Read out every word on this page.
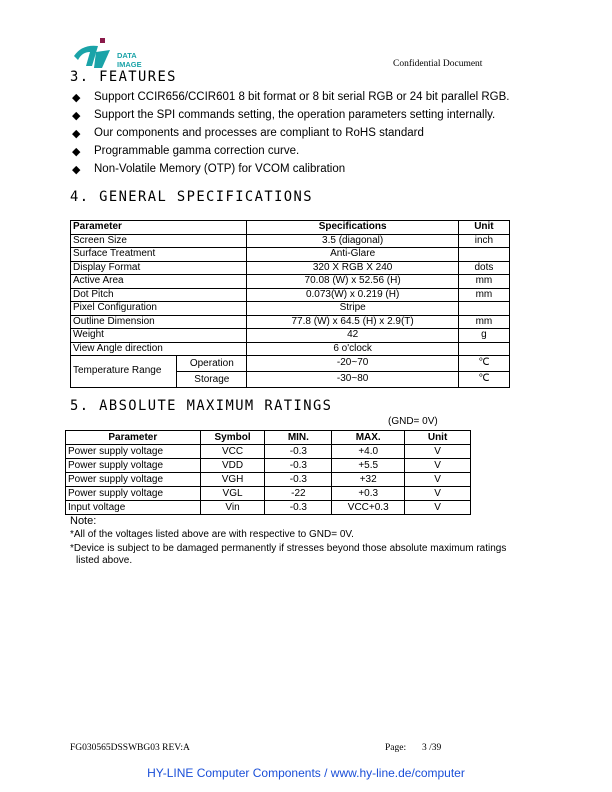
DATA
IMAGE	Confidential Document
3. FEATURES
◆ Support CCIR656/CCIR601 8 bit format or 8 bit serial RGB or 24 bit parallel RGB.
◆ Support the SPI commands setting, the operation parameters setting internally.
◆ Our components and processes are compliant to RoHS standard
◆ Programmable gamma correction curve.
◆ Non-Volatile Memory (OTP) for VCOM calibration
4. GENERAL SPECIFICATIONS
Parameter		Specifications	Unit
Screen Size		3.5 (diagonal)	inch
Surface Treatment		Anti-Glare	
Display Format		320 X RGB X 240	dots
Active Area		70.08 (W) x 52.56 (H)	mm
Dot Pitch		0.073(W) x 0.219 (H)	mm
Pixel Configuration		Stripe	
Outline Dimension		77.8 (W) x 64.5 (H) x 2.9(T)	mm
Weight		42	g
View Angle direction		6 o'clock	
Temperature Range	Operation	-20~70	℃
	Storage	-30~80	℃
5. ABSOLUTE MAXIMUM RATINGS
(GND= 0V)
Parameter	Symbol	MIN.	MAX.	Unit
Power supply voltage	VCC	-0.3	+4.0	V
Power supply voltage	VDD	-0.3	+5.5	V
Power supply voltage	VGH	-0.3	+32	V
Power supply voltage	VGL	-22	+0.3	V
Input voltage	Vin	-0.3	VCC+0.3	V
Note:
*All of the voltages listed above are with respective to GND= 0V.
*Device is subject to be damaged permanently if stresses beyond those absolute maximum ratings
listed above.
FG030565DSSWBG03 REV:A	Page: 3 /39
HY-LINE Computer Components / www.hy-line.de/computer
